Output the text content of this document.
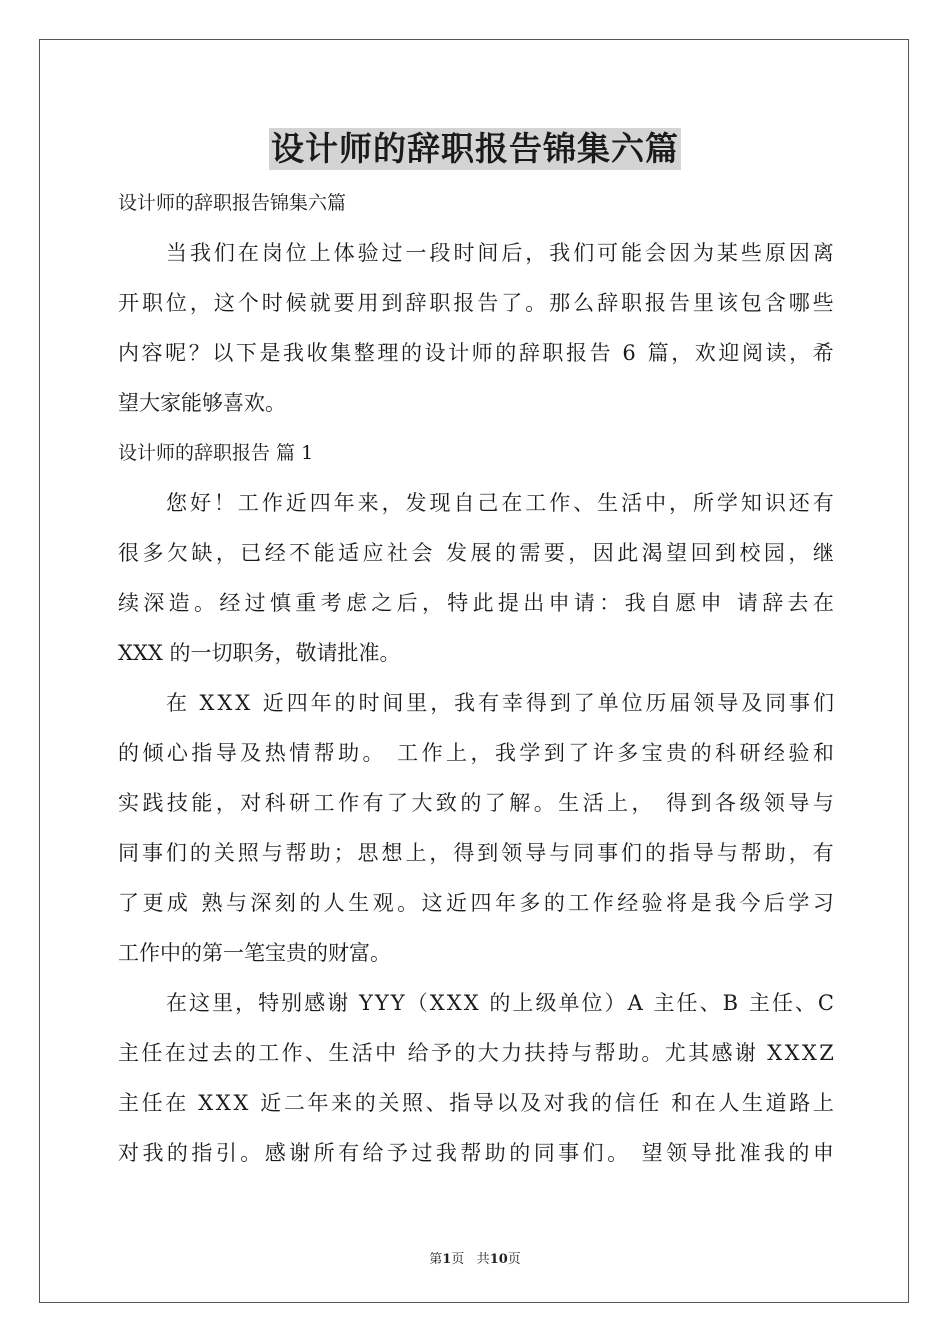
设计师的辞职报告锦集六篇
设计师的辞职报告锦集六篇
当 我 们 在 岗 位 上 体 验 过 一 段 时 间 后 ， 我 们 可 能 会 因 为 某 些 原 因 离
开 职 位 ， 这 个 时 候 就 要 用 到 辞 职 报 告 了 。 那 么 辞 职 报 告 里 该 包 含 哪 些
内 容 呢 ？ 以 下 是 我 收 集 整 理 的 设 计 师 的 辞 职 报 告
6
篇 ， 欢 迎 阅 读 ， 希
望大家能够喜欢。
设计师的辞职报告 篇 1
您 好 ！ 工 作 近 四 年 来 ， 发 现 自 己 在 工 作 、 生 活 中 ， 所 学 知 识 还 有
很 多 欠 缺 ， 已 经 不 能 适 应 社 会
发 展 的 需 要 ， 因 此 渴 望 回 到 校 园 ， 继
续 深 造 。 经 过 慎 重 考 虑 之 后 ， 特 此 提 出 申 请 ： 我 自 愿 申
请 辞 去 在
XXX 的一切职务，敬请批准。
在
X X X
近 四 年 的 时 间 里 ， 我 有 幸 得 到 了 单 位 历 届 领 导 及 同 事 们
的 倾 心 指 导 及 热 情 帮 助 。
工 作 上 ， 我 学 到 了 许 多 宝 贵 的 科 研 经 验 和
实 践 技 能 ， 对 科 研 工 作 有 了 大 致 的 了 解 。 生 活 上 ，
得 到 各 级 领 导 与
同 事 们 的 关 照 与 帮 助 ； 思 想 上 ， 得 到 领 导 与 同 事 们 的 指 导 与 帮 助 ， 有
了 更 成
熟 与 深 刻 的 人 生 观 。 这 近 四 年 多 的 工 作 经 验 将 是 我 今 后 学 习
工作中的第一笔宝贵的财富。
在 这 里 ， 特 别 感 谢
Y Y Y （ X X X
的 上 级 单 位 ） A
主 任 、 B
主 任 、 C
主 任 在 过 去 的 工 作 、 生 活 中
给 予 的 大 力 扶 持 与 帮 助 。 尤 其 感 谢
X X X Z
主 任 在
X X X
近 二 年 来 的 关 照 、 指 导 以 及 对 我 的 信 任
和 在 人 生 道 路 上
对 我 的 指 引 。 感 谢 所 有 给 予 过 我 帮 助 的 同 事 们 。
望 领 导 批 准 我 的 申
第1页 共10页
